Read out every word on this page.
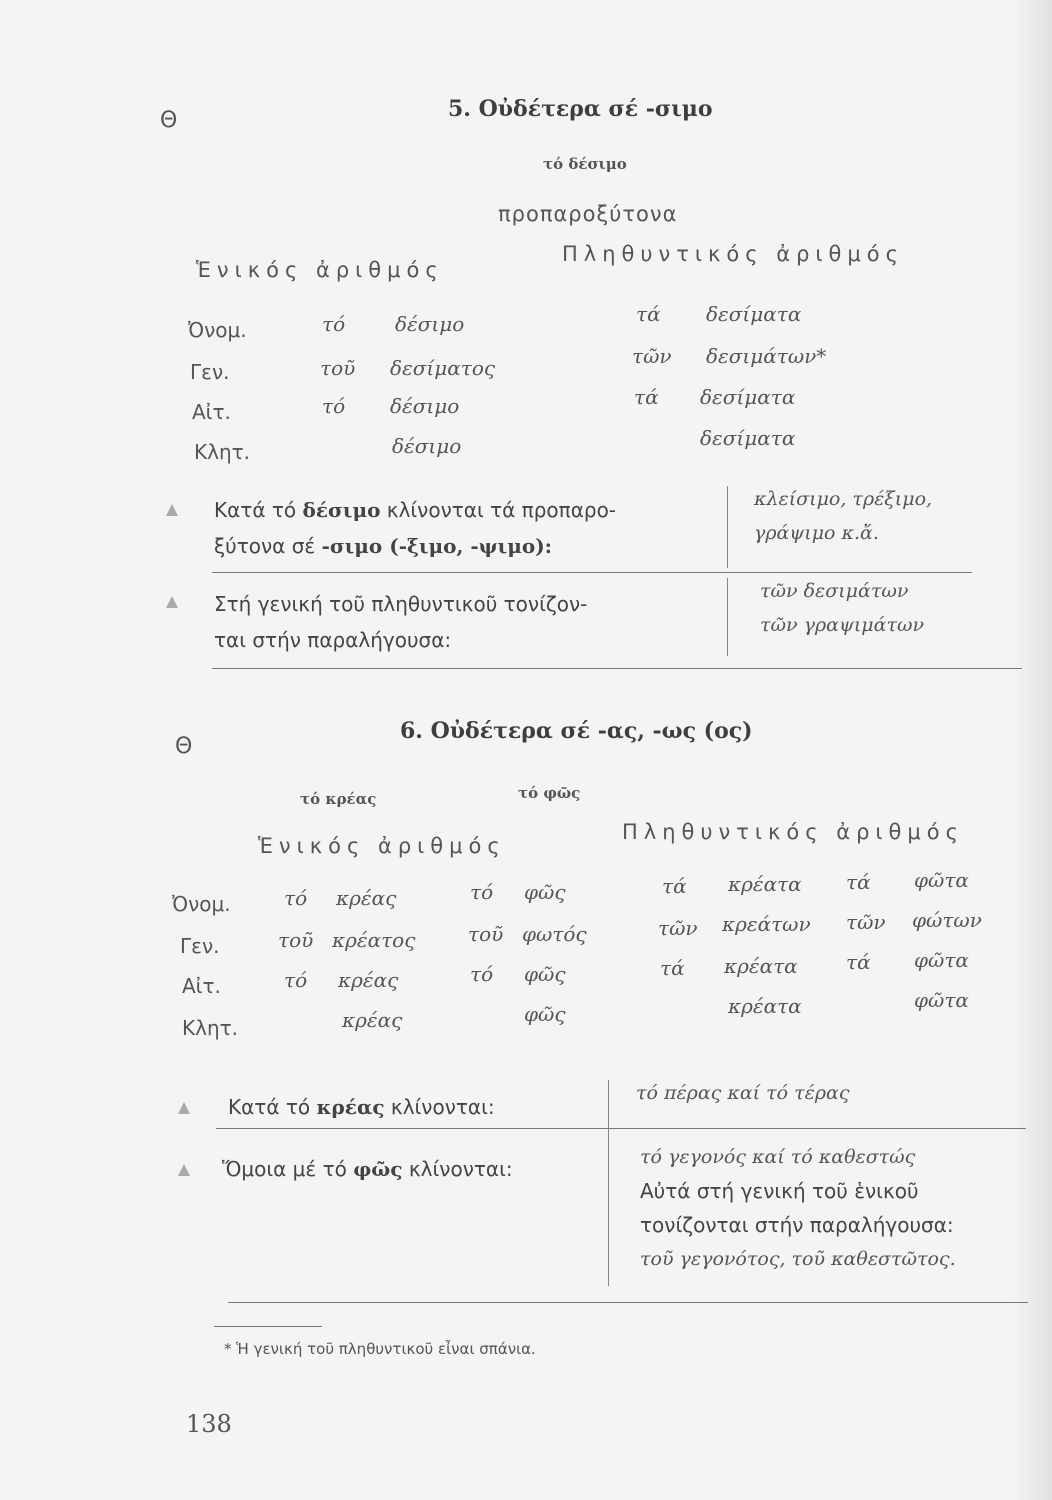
Θ	5. Οὐδέτερα σέ -σιμο
τό δέσιμο
προπαροξύτονα
Ἑνικός ἀριθμός
Πληθυντικός ἀριθμός
Ὀνομ.	τό δέσιμο	τά δεσίματα
Γεν.	τοῦ δεσίματος	τῶν δεσιμάτων*
Αἰτ.	τό δέσιμο	τά δεσίματα
Κλητ.	δέσιμο	δεσίματα
Κατά τό δέσιμο κλίνονται τά προπαρο-
ξύτονα σέ -σιμο (-ξιμο, -ψιμο):
κλείσιμο, τρέξιμο,
γράψιμο κ.ἄ.
Στή γενική τοῦ πληθυντικοῦ τονίζον-
ται στήν παραλήγουσα:
τῶν δεσιμάτων
τῶν γραψιμάτων
Θ
6. Οὐδέτερα σέ -ας, -ως (ος)
τό κρέας	τό φῶς
Ἑνικός ἀριθμός
Πληθυντικός ἀριθμός
Ὀνομ.	τό κρέας	τό φῶς	τά κρέατα τά φῶτα
Γεν.	τοῦ κρέατος	τοῦ φωτός	τῶν κρεάτων τῶν φώτων
Αἰτ.	τό κρέας	τό φῶς	τά κρέατα τά φῶτα
Κλητ.	κρέας	φῶς	κρέατα	φῶτα
Κατά τό κρέας κλίνονται:
τό πέρας καί τό τέρας
Ὅμοια μέ τό φῶς κλίνονται:	τό γεγονός καί τό καθεστώς
Αὐτά στή γενική τοῦ ἑνικοῦ
τονίζονται στήν παραλήγουσα:
τοῦ γεγονότος, τοῦ καθεστῶτος.
* Ἡ γενική τοῦ πληθυντικοῦ εἶναι σπάνια.
138
